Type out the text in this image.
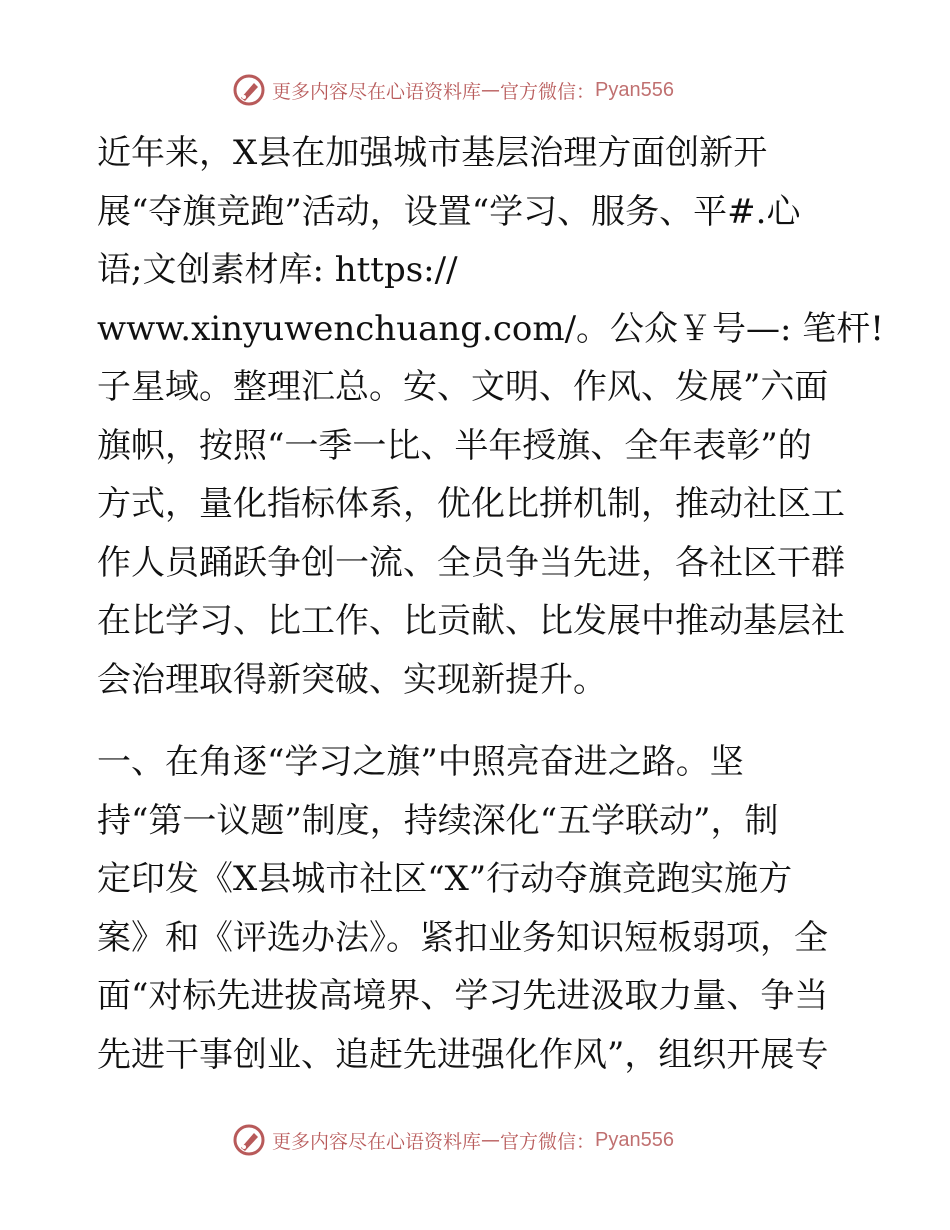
更多内容尽在心语资料库 — 官方微信： Pyan556
近年来，X县在加强城市基层治理方面创新开
展“夺旗竞跑”活动，设置“学习、服务、平#.心
语;文创素材库: https://
www.xinyuwenchuang.com/。公众￥号—: 笔杆!
子星域。整理汇总。安、文明、作风、发展”六面
旗帜，按照“一季一比、半年授旗、全年表彰”的
方式，量化指标体系，优化比拼机制，推动社区工
作人员踊跃争创一流、全员争当先进，各社区干群
在比学习、比工作、比贡献、比发展中推动基层社
会治理取得新突破、实现新提升。
一、在角逐“学习之旗”中照亮奋进之路。坚
持“第一议题”制度，持续深化“五学联动”，制
定印发《X县城市社区“X”行动夺旗竞跑实施方
案》和《评选办法》。紧扣业务知识短板弱项，全
面“对标先进拔高境界、学习先进汲取力量、争当
先进干事创业、追赶先进强化作风”，组织开展专
更多内容尽在心语资料库 — 官方微信： Pyan556
